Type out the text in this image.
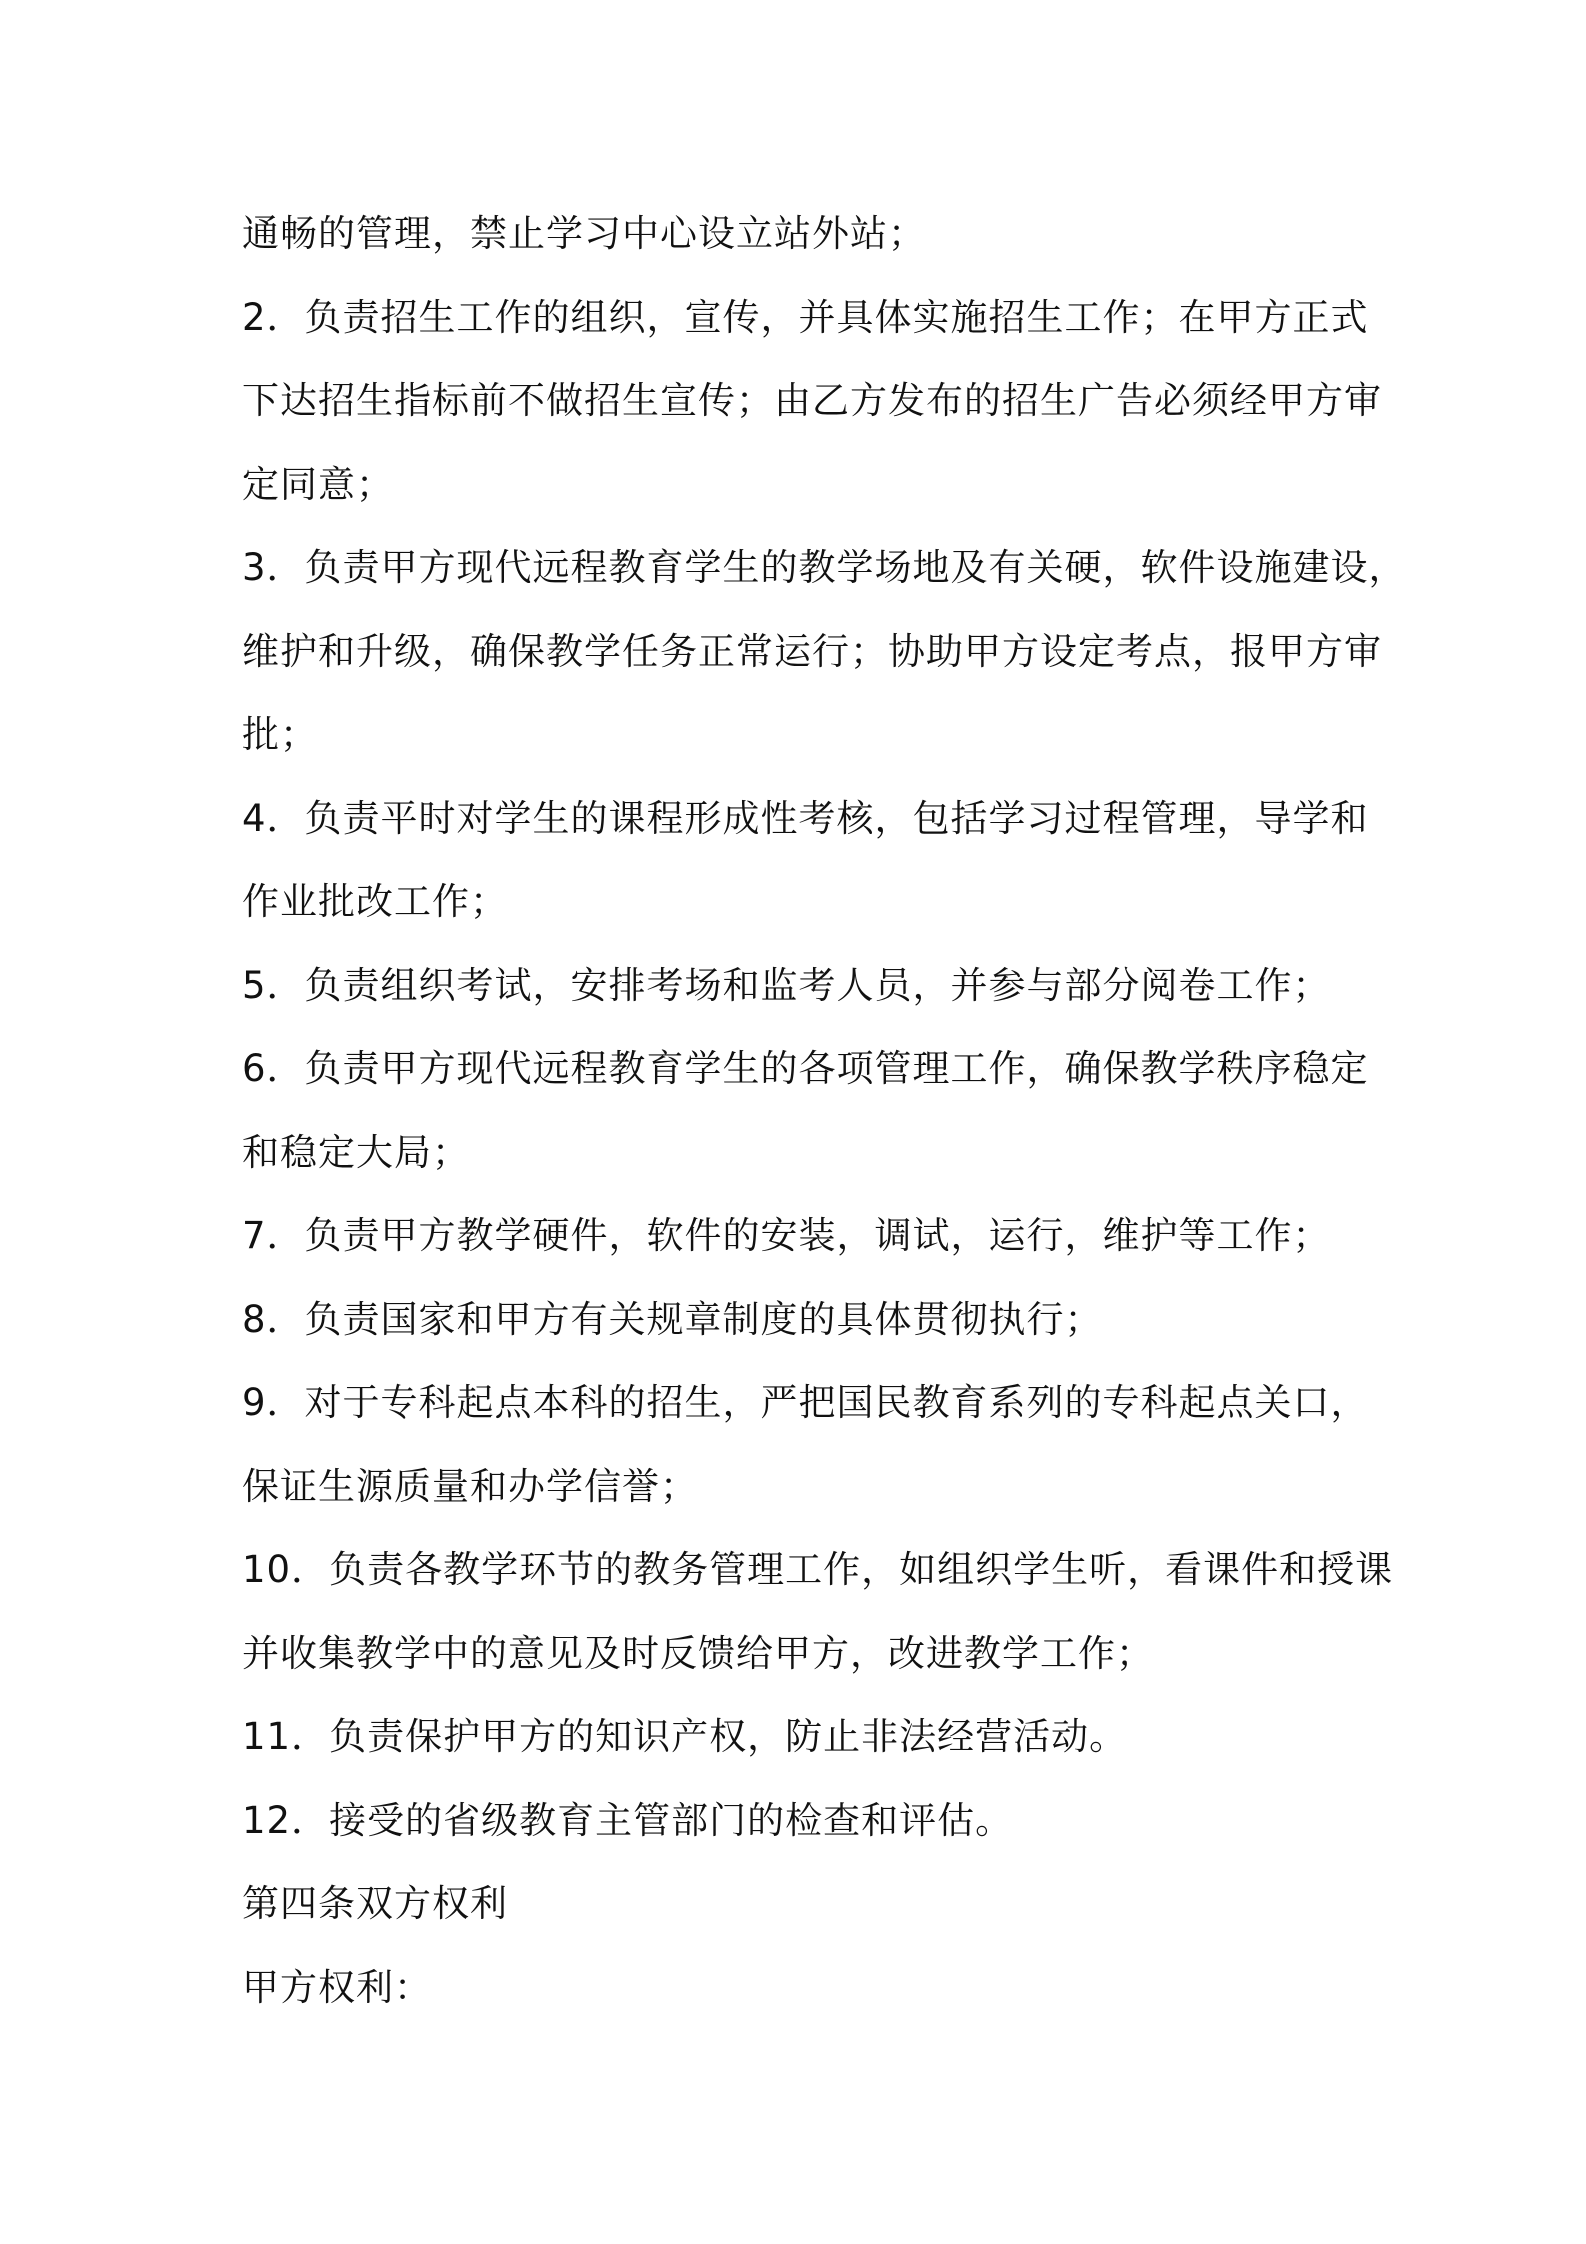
通畅的管理，禁止学习中心设立站外站；
2．负责招生工作的组织，宣传，并具体实施招生工作；在甲方正式
下达招生指标前不做招生宣传；由乙方发布的招生广告必须经甲方审
定同意；
3．负责甲方现代远程教育学生的教学场地及有关硬，软件设施建设，
维护和升级，确保教学任务正常运行；协助甲方设定考点，报甲方审
批；
4．负责平时对学生的课程形成性考核，包括学习过程管理，导学和
作业批改工作；
5．负责组织考试，安排考场和监考人员，并参与部分阅卷工作；
6．负责甲方现代远程教育学生的各项管理工作，确保教学秩序稳定
和稳定大局；
7．负责甲方教学硬件，软件的安装，调试，运行，维护等工作；
8．负责国家和甲方有关规章制度的具体贯彻执行；
9．对于专科起点本科的招生，严把国民教育系列的专科起点关口，
保证生源质量和办学信誉；
10．负责各教学环节的教务管理工作，如组织学生听，看课件和授课
并收集教学中的意见及时反馈给甲方，改进教学工作；
11．负责保护甲方的知识产权，防止非法经营活动。
12．接受的省级教育主管部门的检查和评估。
第四条双方权利
甲方权利：
